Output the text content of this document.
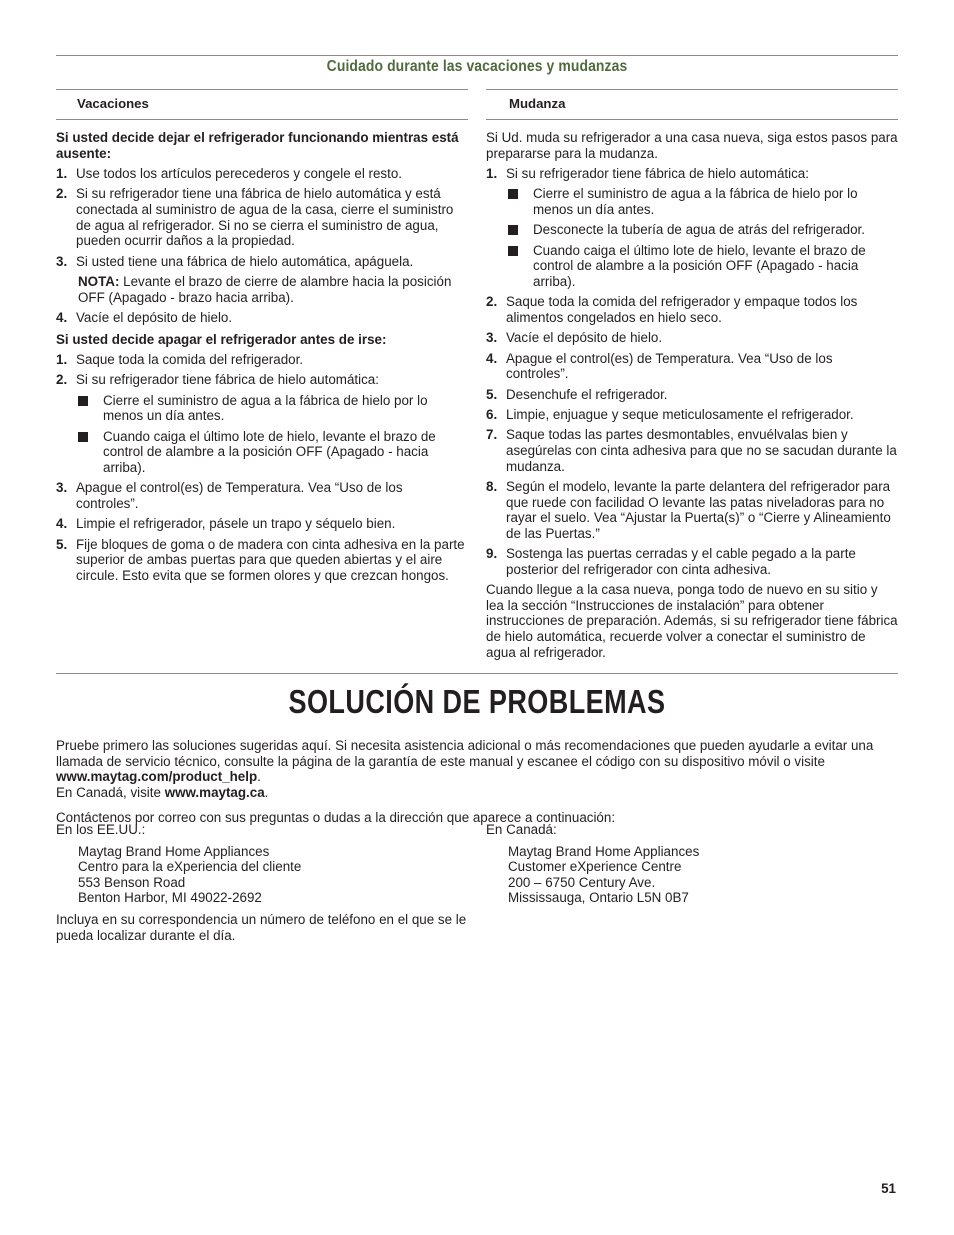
Cuidado durante las vacaciones y mudanzas
Vacaciones
Si usted decide dejar el refrigerador funcionando mientras está ausente:
1. Use todos los artículos perecederos y congele el resto.
2. Si su refrigerador tiene una fábrica de hielo automática y está conectada al suministro de agua de la casa, cierre el suministro de agua al refrigerador. Si no se cierra el suministro de agua, pueden ocurrir daños a la propiedad.
3. Si usted tiene una fábrica de hielo automática, apáguela.
NOTA: Levante el brazo de cierre de alambre hacia la posición OFF (Apagado - brazo hacia arriba).
4. Vacíe el depósito de hielo.
Si usted decide apagar el refrigerador antes de irse:
1. Saque toda la comida del refrigerador.
2. Si su refrigerador tiene fábrica de hielo automática:
Cierre el suministro de agua a la fábrica de hielo por lo menos un día antes.
Cuando caiga el último lote de hielo, levante el brazo de control de alambre a la posición OFF (Apagado - hacia arriba).
3. Apague el control(es) de Temperatura. Vea “Uso de los controles”.
4. Limpie el refrigerador, pásele un trapo y séquelo bien.
5. Fije bloques de goma o de madera con cinta adhesiva en la parte superior de ambas puertas para que queden abiertas y el aire circule. Esto evita que se formen olores y que crezcan hongos.
Mudanza
Si Ud. muda su refrigerador a una casa nueva, siga estos pasos para prepararse para la mudanza.
1. Si su refrigerador tiene fábrica de hielo automática:
Cierre el suministro de agua a la fábrica de hielo por lo menos un día antes.
Desconecte la tubería de agua de atrás del refrigerador.
Cuando caiga el último lote de hielo, levante el brazo de control de alambre a la posición OFF (Apagado - hacia arriba).
2. Saque toda la comida del refrigerador y empaque todos los alimentos congelados en hielo seco.
3. Vacíe el depósito de hielo.
4. Apague el control(es) de Temperatura. Vea “Uso de los controles”.
5. Desenchufe el refrigerador.
6. Limpie, enjuague y seque meticulosamente el refrigerador.
7. Saque todas las partes desmontables, envuélvalas bien y asegúrelas con cinta adhesiva para que no se sacudan durante la mudanza.
8. Según el modelo, levante la parte delantera del refrigerador para que ruede con facilidad O levante las patas niveladoras para no rayar el suelo. Vea “Ajustar la Puerta(s)” o “Cierre y Alineamiento de las Puertas.”
9. Sostenga las puertas cerradas y el cable pegado a la parte posterior del refrigerador con cinta adhesiva.
Cuando llegue a la casa nueva, ponga todo de nuevo en su sitio y lea la sección “Instrucciones de instalación” para obtener instrucciones de preparación. Además, si su refrigerador tiene fábrica de hielo automática, recuerde volver a conectar el suministro de agua al refrigerador.
SOLUCIÓN DE PROBLEMAS

Pruebe primero las soluciones sugeridas aquí. Si necesita asistencia adicional o más recomendaciones que pueden ayudarle a evitar una llamada de servicio técnico, consulte la página de la garantía de este manual y escanee el código con su dispositivo móvil o visite www.maytag.com/product_help.

En Canadá, visite www.maytag.ca.

Contáctenos por correo con sus preguntas o dudas a la dirección que aparece a continuación:

En los EE.UU.:
Maytag Brand Home Appliances
Centro para la eXperiencia del cliente
553 Benson Road
Benton Harbor, MI 49022-2692
Incluya en su correspondencia un número de teléfono en el que se le pueda localizar durante el día.
En Canadá:
Maytag Brand Home Appliances
Customer eXperience Centre
200 – 6750 Century Ave.
Mississauga, Ontario L5N 0B7
51
